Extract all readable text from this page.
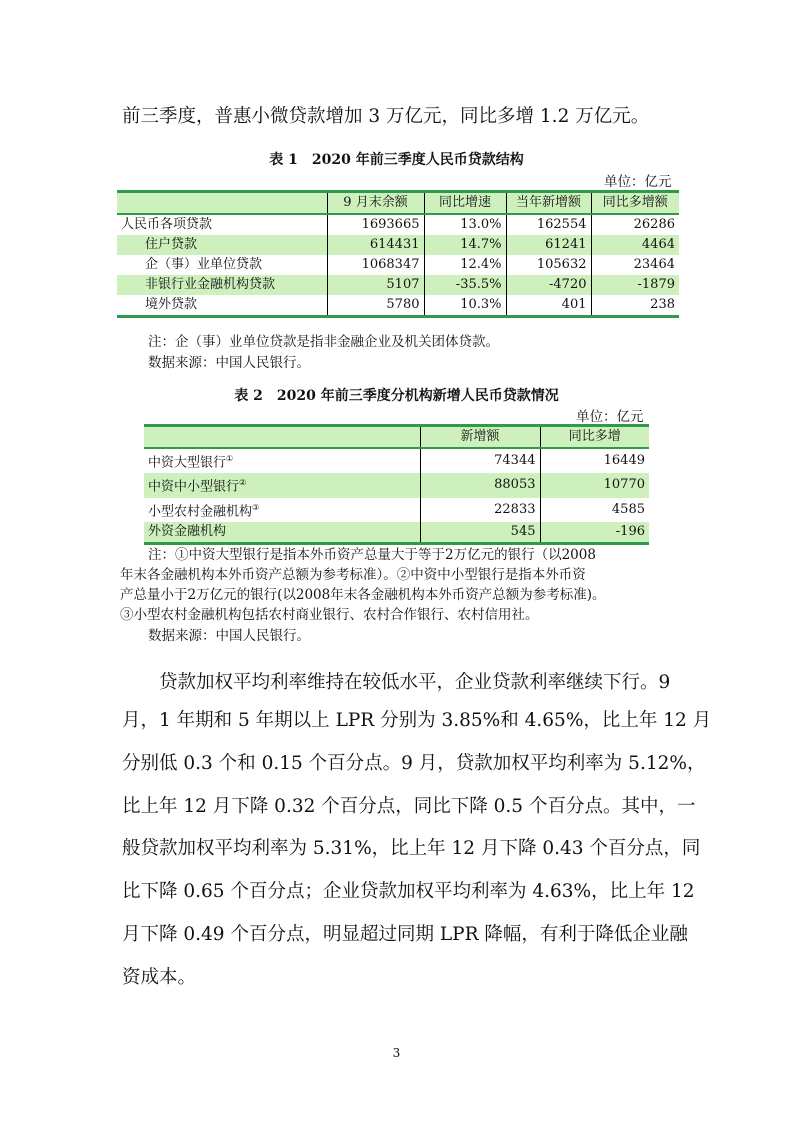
前三季度，普惠小微贷款增加 3 万亿元，同比多增 1.2 万亿元。

表 1　2020 年前三季度人民币贷款结构
单位：亿元
	9 月末余额	同比增速	当年新增额	同比多增额
人民币各项贷款	1693665	13.0%	162554	26286
住户贷款	614431	14.7%	61241	4464
企（事）业单位贷款	1068347	12.4%	105632	23464
非银行业金融机构贷款	5107	-35.5%	-4720	-1879
境外贷款	5780	10.3%	401	238

注：企（事）业单位贷款是指非金融企业及机关团体贷款。

数据来源：中国人民银行。

表 2　2020 年前三季度分机构新增人民币贷款情况
单位：亿元
	新增额	同比多增
中资大型银行①	74344	16449
中资中小型银行②	88053	10770
小型农村金融机构③	22833	4585
外资金融机构	545	-196

注：①中资大型银行是指本外币资产总量大于等于2万亿元的银行（以2008

年末各金融机构本外币资产总额为参考标准）。②中资中小型银行是指本外币资

产总量小于2万亿元的银行(以2008年末各金融机构本外币资产总额为参考标准)。

③小型农村金融机构包括农村商业银行、农村合作银行、农村信用社。

数据来源：中国人民银行。

　　贷款加权平均利率维持在较低水平，企业贷款利率继续下行。9

月，1 年期和 5 年期以上 LPR 分别为 3.85%和 4.65%，比上年 12 月

分别低 0.3 个和 0.15 个百分点。9 月，贷款加权平均利率为 5.12%，

比上年 12 月下降 0.32 个百分点，同比下降 0.5 个百分点。其中，一

般贷款加权平均利率为 5.31%，比上年 12 月下降 0.43 个百分点，同

比下降 0.65 个百分点；企业贷款加权平均利率为 4.63%，比上年 12

月下降 0.49 个百分点，明显超过同期 LPR 降幅，有利于降低企业融

资成本。

3
